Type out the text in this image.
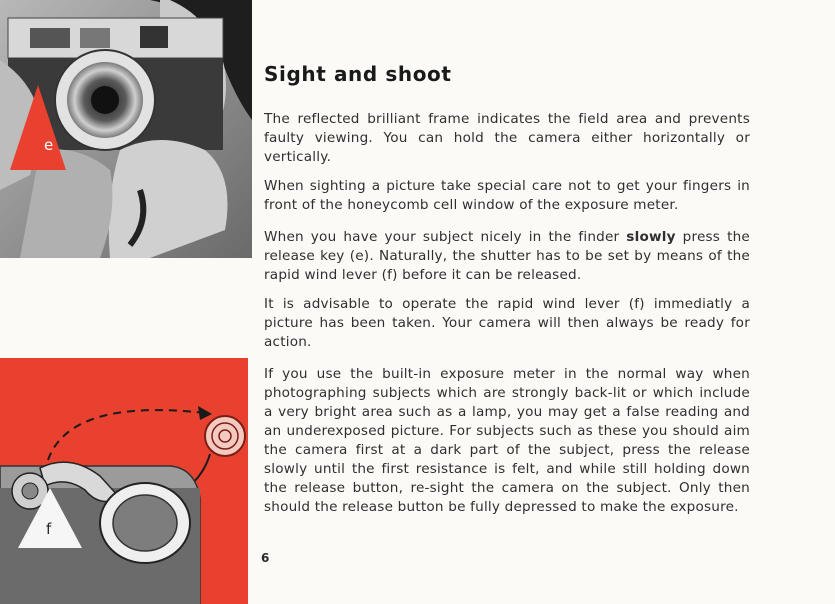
e
f
Sight and shoot

The reflected brilliant frame indicates the field area and prevents faulty viewing. You can hold the camera either horizontally or vertically.

When sighting a picture take special care not to get your fingers in front of the honeycomb cell window of the exposure meter.

When you have your subject nicely in the finder slowly press the release key (e). Naturally, the shutter has to be set by means of the rapid wind lever (f) before it can be released.

It is advisable to operate the rapid wind lever (f) immediatly a picture has been taken. Your camera will then always be ready for action.

If you use the built-in exposure meter in the normal way when photographing subjects which are strongly back-lit or which include a very bright area such as a lamp, you may get a false reading and an underexposed picture. For subjects such as these you should aim the camera first at a dark part of the subject, press the release slowly until the first resistance is felt, and while still holding down the release button, re-sight the camera on the subject. Only then should the release button be fully depressed to make the exposure.

6
